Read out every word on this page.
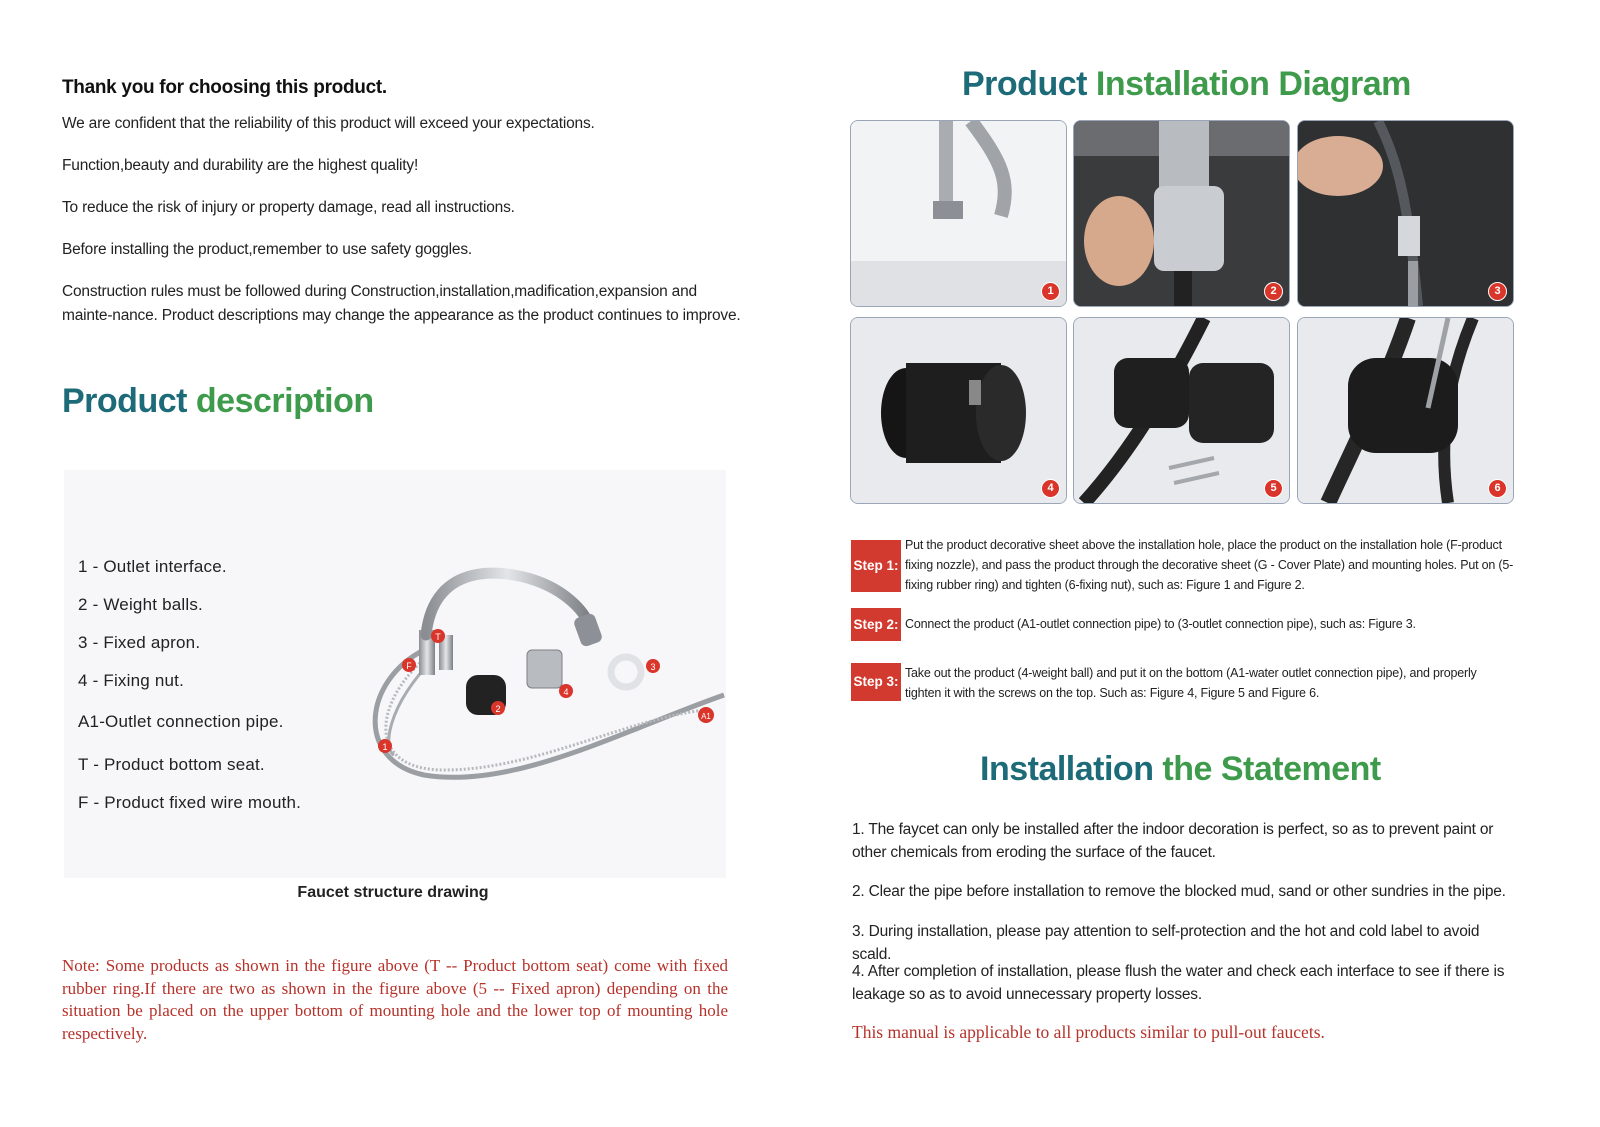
Thank you for choosing this product.
We are confident that the reliability of this product will exceed your expectations.
Function,beauty and durability are the highest quality!
To reduce the risk of injury or property damage, read all instructions.
Before installing the product,remember to use safety goggles.
Construction rules must be followed during Construction,installation,madification,expansion and mainte-nance. Product descriptions may change the appearance as the product continues to improve.
Product description
T
F
1
2
3
4
A1
1 - Outlet interface.
2 - Weight balls.
3 - Fixed apron.
4 - Fixing nut.
A1-Outlet connection pipe.
T - Product bottom seat.
F - Product fixed wire mouth.
Faucet structure drawing
Note: Some products as shown in the figure above (T -- Product bottom seat) come with fixed rubber ring.If there are two as shown in the figure above (5 -- Fixed apron) depending on the situation be placed on the upper bottom of mounting hole and the lower top of mounting hole respectively.
Product Installation Diagram
1	2	3
4	5	6
Step 1:
Put the product decorative sheet above the installation hole, place the product on the installation hole (F-product fixing nozzle), and pass the product through the decorative sheet (G - Cover Plate) and mounting holes. Put on (5-fixing rubber ring) and tighten (6-fixing nut), such as: Figure 1 and Figure 2.
Step 2: Connect the product (A1-outlet connection pipe) to (3-outlet connection pipe), such as: Figure 3.
Step 3:
Take out the product (4-weight ball) and put it on the bottom (A1-water outlet connection pipe), and properly tighten it with the screws on the top. Such as: Figure 4, Figure 5 and Figure 6.
Installation the Statement
1. The faycet can only be installed after the indoor decoration is perfect, so as to prevent paint or other chemicals from eroding the surface of the faucet.
2. Clear the pipe before installation to remove the blocked mud, sand or other sundries in the pipe.
3. During installation, please pay attention to self-protection and the hot and cold label to avoid scald.
4. After completion of installation, please flush the water and check each interface to see if there is leakage so as to avoid unnecessary property losses.
This manual is applicable to all products similar to pull-out faucets.
